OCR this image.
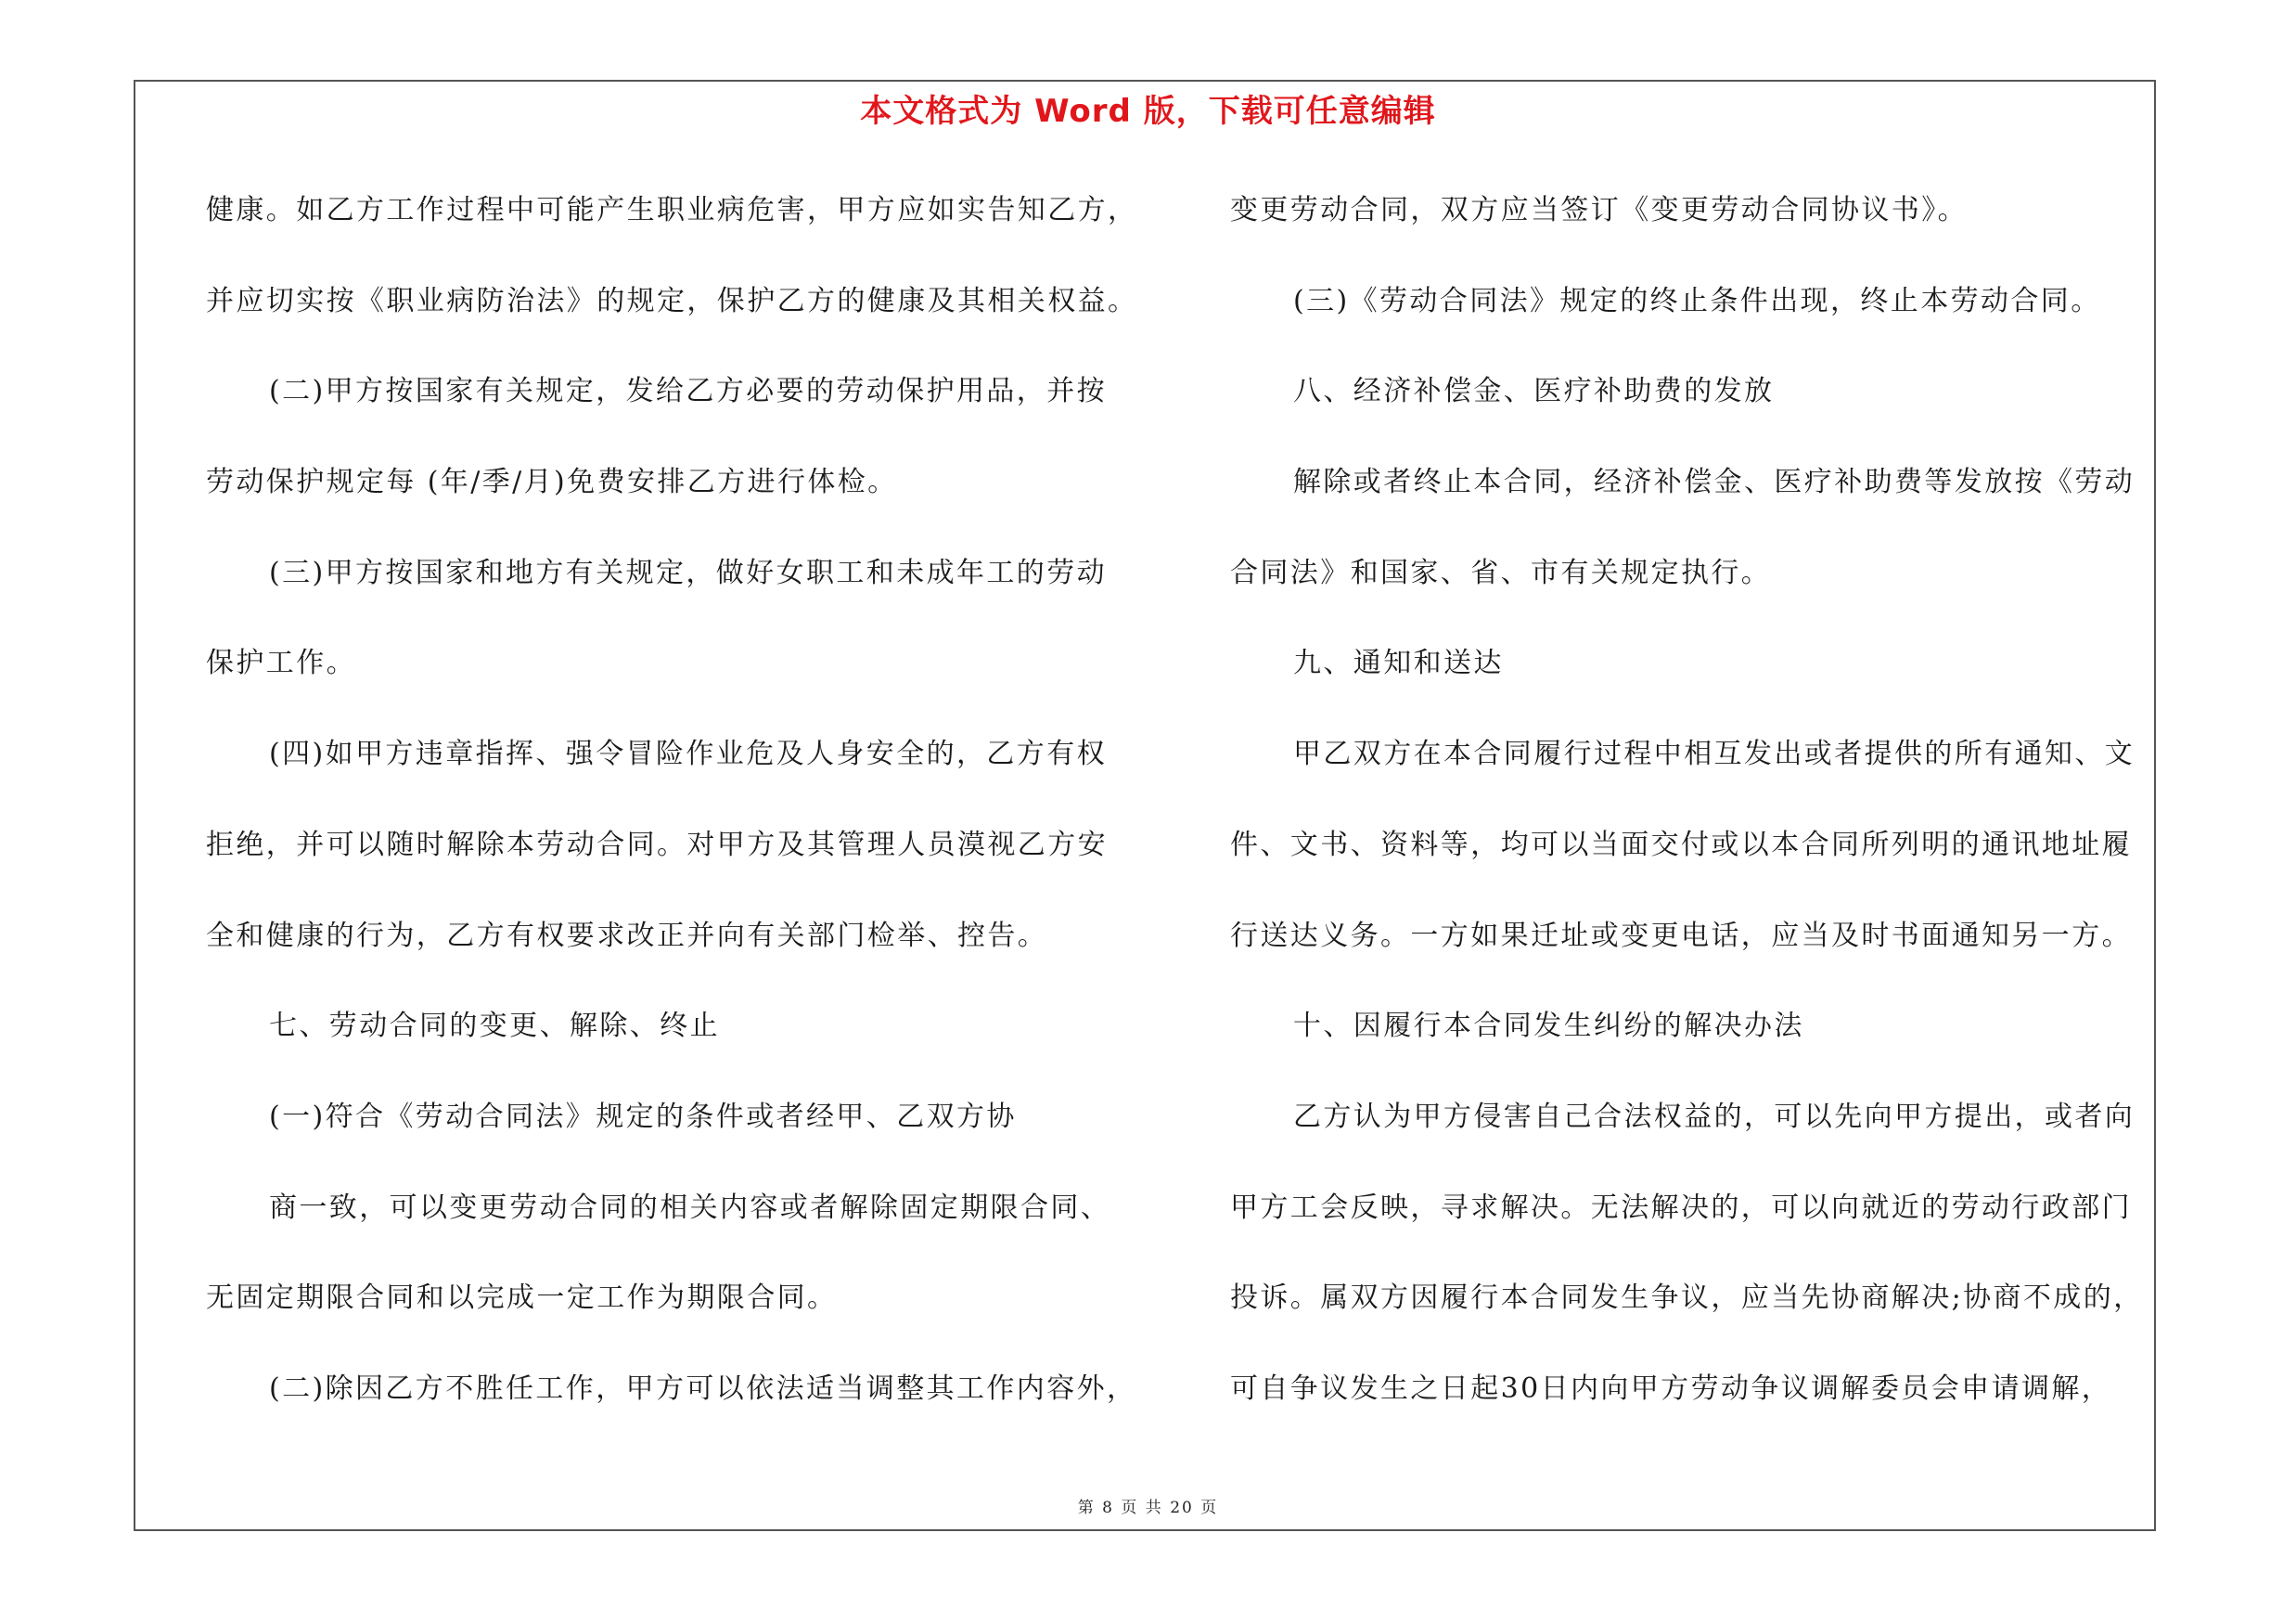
本文格式为 Word 版，下载可任意编辑
健康。如乙方工作过程中可能产生职业病危害，甲方应如实告知乙方，
并应切实按《职业病防治法》的规定，保护乙方的健康及其相关权益。
(二)甲方按国家有关规定，发给乙方必要的劳动保护用品，并按
劳动保护规定每 (年/季/月)免费安排乙方进行体检。
(三)甲方按国家和地方有关规定，做好女职工和未成年工的劳动
保护工作。
(四)如甲方违章指挥、强令冒险作业危及人身安全的，乙方有权
拒绝，并可以随时解除本劳动合同。对甲方及其管理人员漠视乙方安
全和健康的行为，乙方有权要求改正并向有关部门检举、控告。
七、劳动合同的变更、解除、终止
(一)符合《劳动合同法》规定的条件或者经甲、乙双方协
商一致，可以变更劳动合同的相关内容或者解除固定期限合同、
无固定期限合同和以完成一定工作为期限合同。
(二)除因乙方不胜任工作，甲方可以依法适当调整其工作内容外，
变更劳动合同，双方应当签订《变更劳动合同协议书》。
(三)《劳动合同法》规定的终止条件出现，终止本劳动合同。
八、经济补偿金、医疗补助费的发放
解除或者终止本合同，经济补偿金、医疗补助费等发放按《劳动
合同法》和国家、省、市有关规定执行。
九、通知和送达
甲乙双方在本合同履行过程中相互发出或者提供的所有通知、文
件、文书、资料等，均可以当面交付或以本合同所列明的通讯地址履
行送达义务。一方如果迁址或变更电话，应当及时书面通知另一方。
十、因履行本合同发生纠纷的解决办法
乙方认为甲方侵害自己合法权益的，可以先向甲方提出，或者向
甲方工会反映，寻求解决。无法解决的，可以向就近的劳动行政部门
投诉。属双方因履行本合同发生争议，应当先协商解决;协商不成的，
可自争议发生之日起30日内向甲方劳动争议调解委员会申请调解，
第 8 页 共 20 页
